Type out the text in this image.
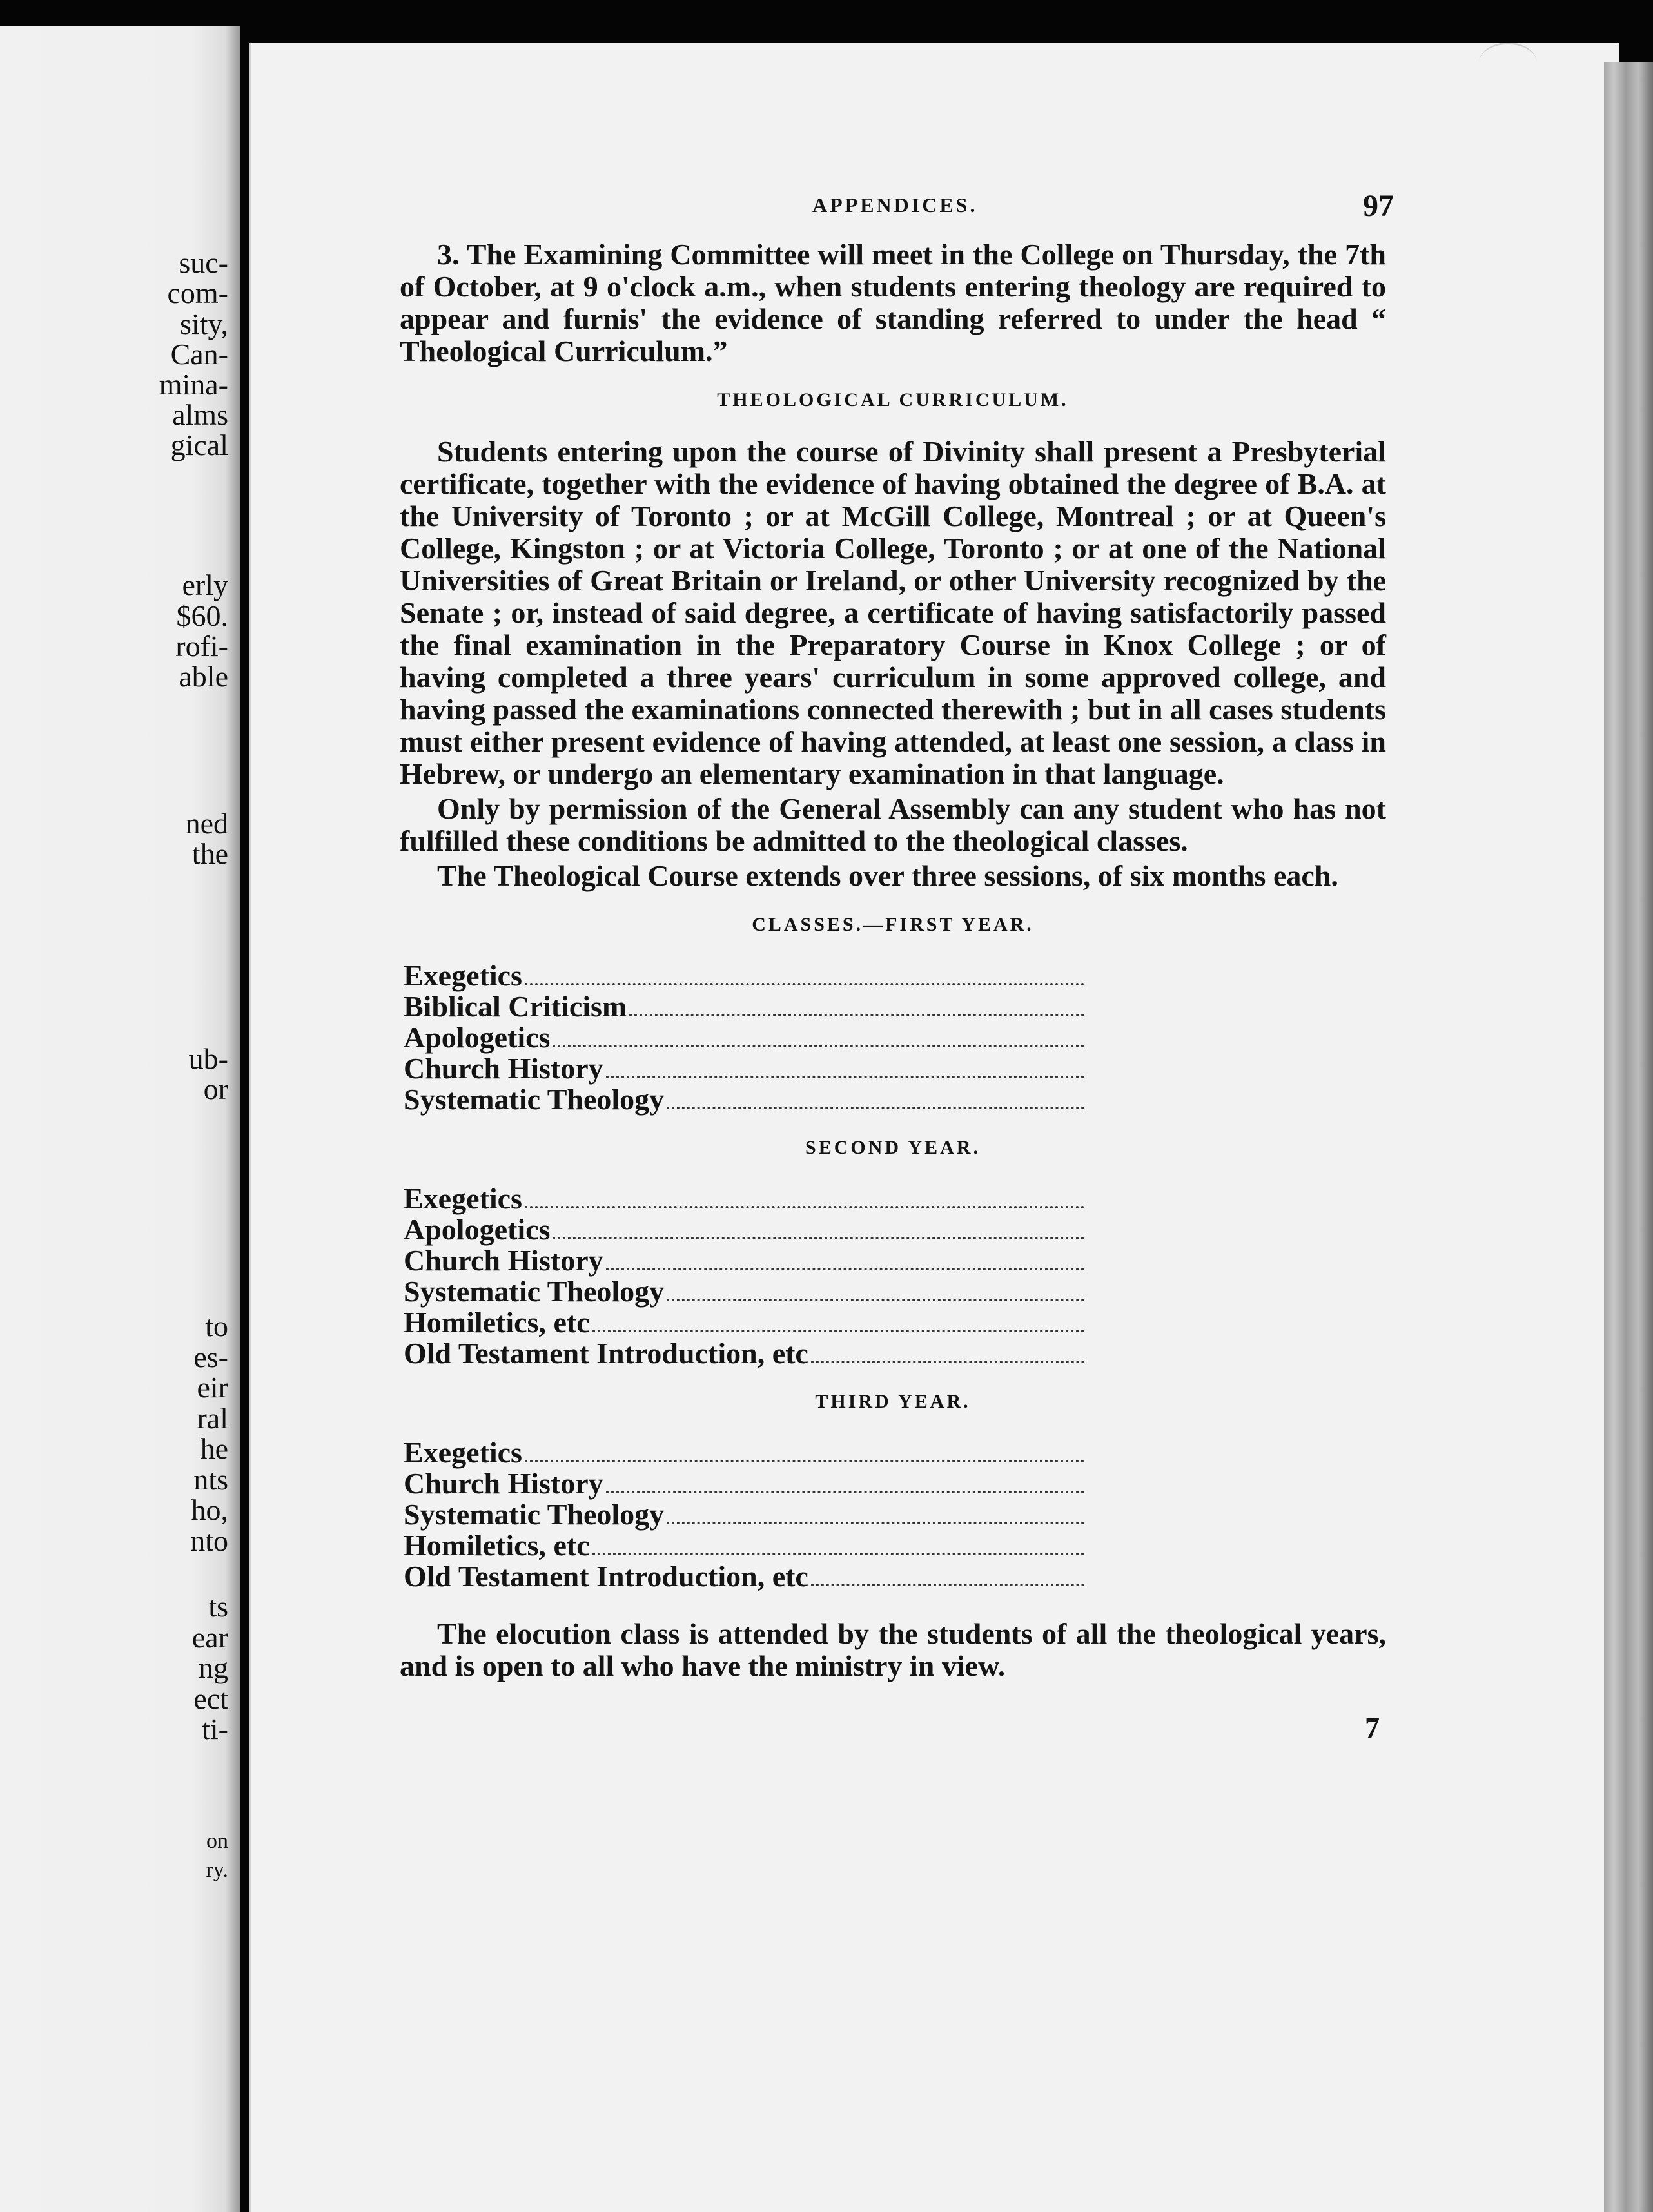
suc-
com-
sity,
Can-
mina-
alms
gical
erly
$60.
rofi-
able
ned
the
ub-
or
to
es-
eir
ral
he
nts
ho,
nto
ts
ear
ng
ect
ti-
on
ry.
APPENDICES.	97

3. The Examining Committee will meet in the College on Thursday, the 7th of October, at 9 o'clock a.m., when students entering theology are required to appear and furnis' the evidence of standing referred to under the head “ Theological Curriculum.”

THEOLOGICAL CURRICULUM.

Students entering upon the course of Divinity shall present a Presbyterial certificate, together with the evidence of having obtained the degree of B.A. at the University of Toronto ; or at McGill College, Montreal ; or at Queen's College, Kingston ; or at Victoria College, Toronto ; or at one of the National Universities of Great Britain or Ireland, or other University recognized by the Senate ; or, instead of said degree, a certificate of having satisfactorily passed the final examination in the Preparatory Course in Knox College ; or of having completed a three years' curriculum in some approved college, and having passed the examinations connected therewith ; but in all cases students must either present evidence of having attended, at least one session, a class in Hebrew, or undergo an elementary examination in that language.

Only by permission of the General Assembly can any student who has not fulfilled these conditions be admitted to the theological classes.

The Theological Course extends over three sessions, of six months each.

CLASSES.—FIRST YEAR.
Exegetics
Biblical Criticism
Apologetics
Church History
Systematic Theology
SECOND YEAR.
Exegetics
Apologetics
Church History
Systematic Theology
Homiletics, etc
Old Testament Introduction, etc
THIRD YEAR.
Exegetics
Church History
Systematic Theology
Homiletics, etc
Old Testament Introduction, etc

The elocution class is attended by the students of all the theological years, and is open to all who have the ministry in view.

7
